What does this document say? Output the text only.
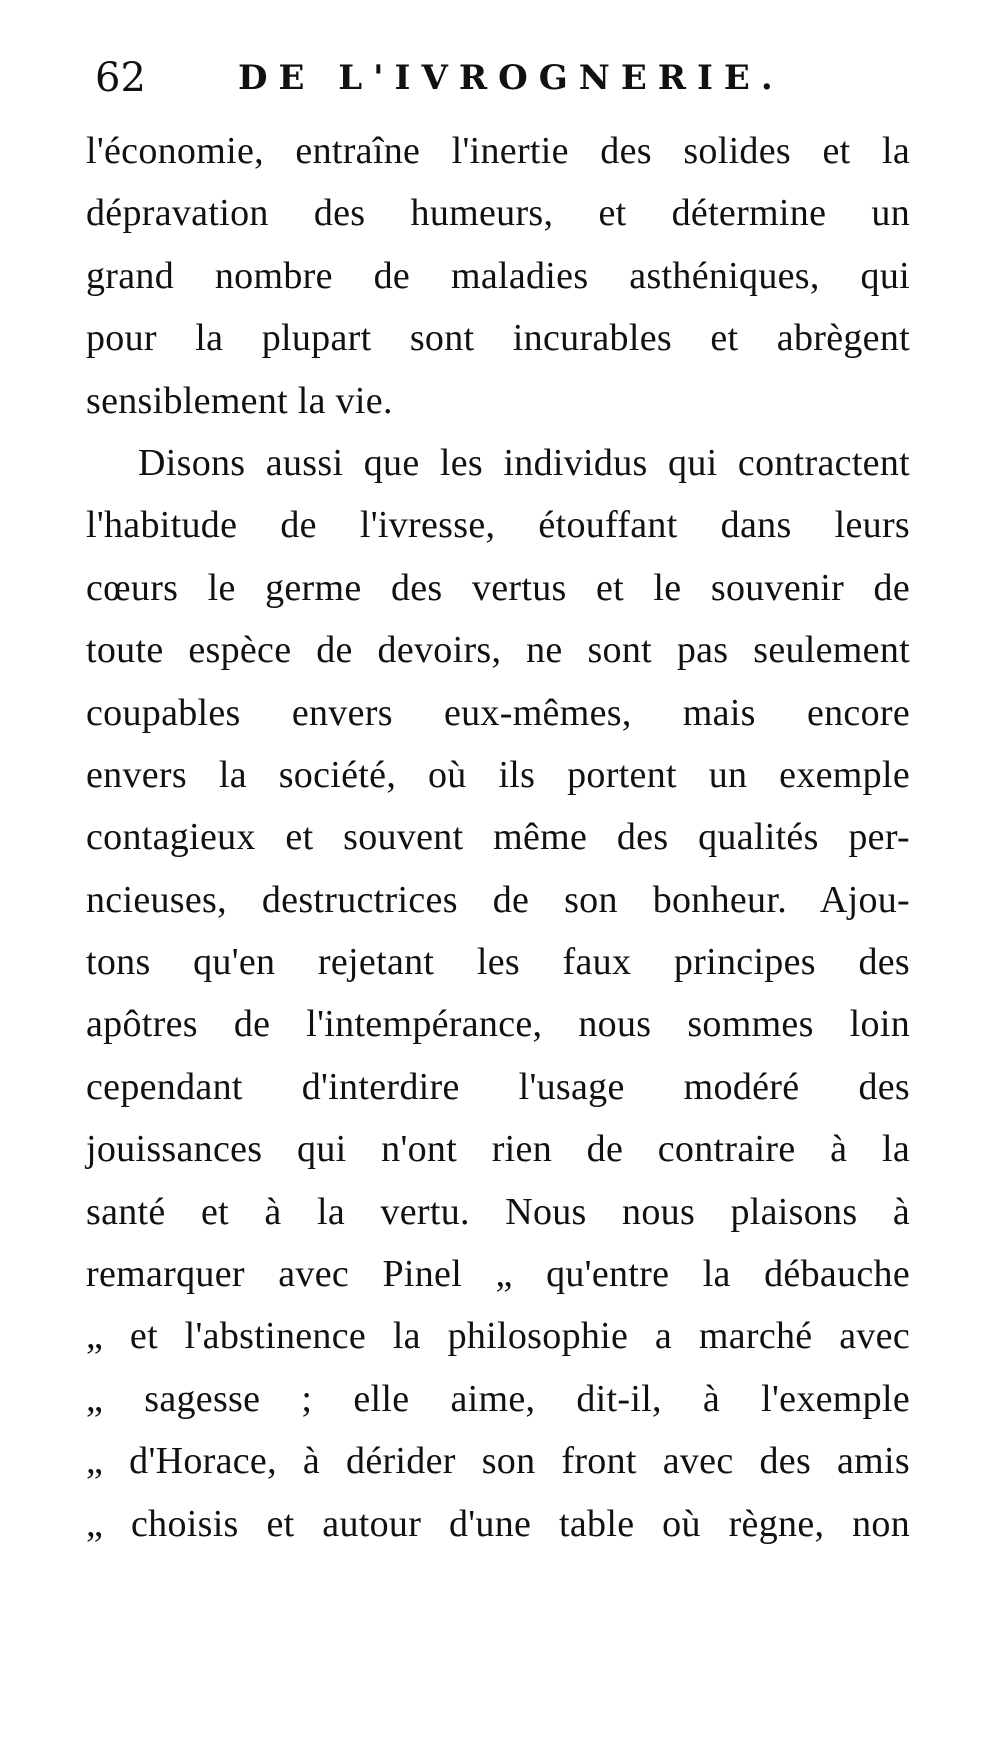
62	DE L'IVROGNERIE.
l'économie, entraîne l'inertie des solides et la
dépravation des humeurs, et détermine un
grand nombre de maladies asthéniques, qui
pour la plupart sont incurables et abrègent
sensiblement la vie.
Disons aussi que les individus qui contractent
l'habitude de l'ivresse, étouffant dans leurs
cœurs le germe des vertus et le souvenir de
toute espèce de devoirs, ne sont pas seulement
coupables envers eux-mêmes, mais encore
envers la société, où ils portent un exemple
contagieux et souvent même des qualités per-
ncieuses, destructrices de son bonheur. Ajou-
tons qu'en rejetant les faux principes des
apôtres de l'intempérance, nous sommes loin
cependant d'interdire l'usage modéré des
jouissances qui n'ont rien de contraire à la
santé et à la vertu. Nous nous plaisons à
remarquer avec Pinel „ qu'entre la débauche
„ et l'abstinence la philosophie a marché avec
„ sagesse ; elle aime, dit-il, à l'exemple
„ d'Horace, à dérider son front avec des amis
„ choisis et autour d'une table où règne, non
